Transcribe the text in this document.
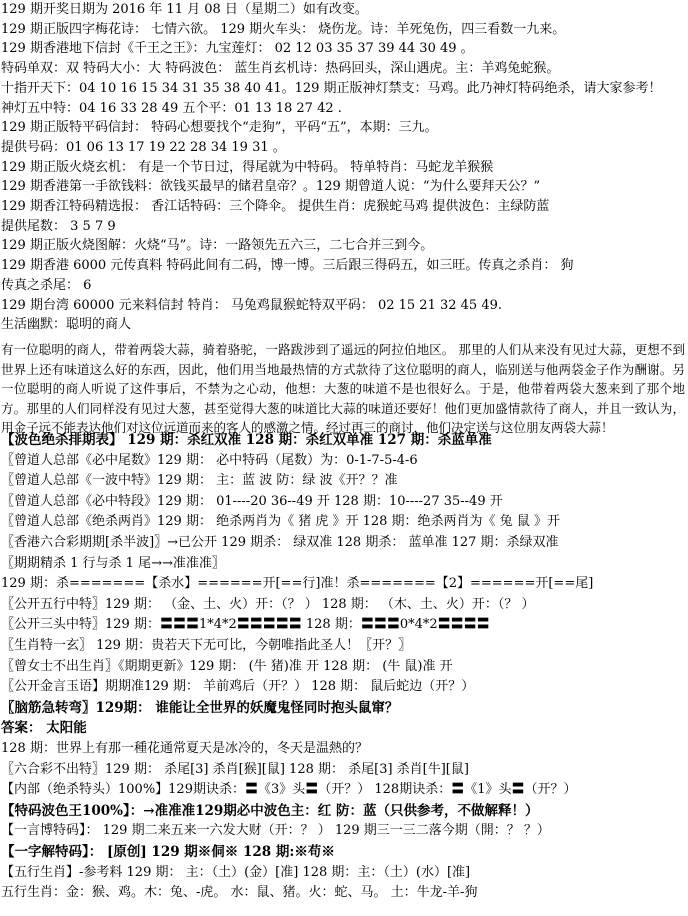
129 期开奖日期为 2016 年 11 月 08 日（星期二）如有改变。
129 期正版四字梅花诗： 七情六欲。 129 期火车头： 烧伤龙。诗：羊死兔伤，四三看数一九来。
129 期香港地下信封《千王之王》：九宝莲灯： 02 12 03 35 37 39 44 30 49 。
特码单双：双 特码大小：大 特码波色： 蓝生肖玄机诗：热码回头，深山遇虎。主：羊鸡兔蛇猴。
十指开天下：04 10 16 15 34 31 35 38 40 41。129 期正版神灯禁支：马鸡。此乃神灯特码绝杀，请大家参考！
神灯五中特：04 16 33 28 49 五个平：01 13 18 27 42 .
129 期正版特平码信封： 特码心想要找个“走狗”，平码“五”，本期：三九。
提供号码：01 06 13 17 19 22 28 34 19 31 。
129 期正版火烧玄机： 有是一个节日过，得尾就为中特码。 特单特肖：马蛇龙羊猴猴
129 期香港第一手欲钱料：欲钱买最早的储君皇帝？。129 期曾道人说：“为什么要拜天公？”
129 期香江特码精选报： 香江话特码：三个降伞。 提供生肖：虎猴蛇马鸡 提供波色：主绿防蓝
提供尾数： 3 5 7 9
129 期正版火烧图解：火烧“马”。诗：一路领先五六三，二七合并三到今。
129 期香港 6000 元传真料 特码此间有二码，博一博。三后跟三得码五，如三旺。传真之杀肖： 狗
传真之杀尾： 6
129 期台湾 60000 元来料信封 特肖： 马兔鸡鼠猴蛇特双平码： 02 15 21 32 45 49.
生活幽默：聪明的商人
有一位聪明的商人，带着两袋大蒜，骑着骆驼，一路跋涉到了遥远的阿拉伯地区。 那里的人们从来没有见过大蒜，更想不到世界上还有味道这么好的东西，因此，他们用当地最热情的方式款待了这位聪明的商人，临别送与他两袋金子作为酬谢。另一位聪明的商人听说了这件事后，不禁为之心动，他想：大葱的味道不是也很好么。于是，他带着两袋大葱来到了那个地方。那里的人们同样没有见过大葱，甚至觉得大葱的味道比大蒜的味道还要好！他们更加盛情款待了商人，并且一致认为，用金子远不能表达他们对这位远道而来的客人的感激之情。经过再三的商讨，他们决定送与这位朋友两袋大蒜！
【波色绝杀排期表】 129 期：杀红双准 128 期：杀红双单准 127 期：杀蓝单准
〖曾道人总部《必中尾数》129 期： 必中特码（尾数）为：0-1-7-5-4-6
〖曾道人总部《一波中特》129 期： 主：蓝 波 防：绿 波《开？？准
〖曾道人总部《必中特段》129 期： 01----20 36--49 开 128 期：10----27 35--49 开
〖曾道人总部《绝杀两肖》129 期： 绝杀两肖为《 猪 虎 》开 128 期：绝杀两肖为《 兔 鼠 》开
〖香港六合彩期期[杀半波]〗→已公开 129 期杀： 绿双准 128 期杀： 蓝单准 127 期：杀绿双准
〖期期精杀 1 行与杀 1 尾→→准准准〗
129 期：杀=======【杀水】======开[==行]准！杀=======【2】======开[==尾]
〖公开五行中特〗129 期： （金、土、火）开：（？ ） 128 期： （木、土、火）开：（？ ）
〖公开三头中特〗129 期：〓〓〓1*4*2〓〓〓〓〓 128 期：〓〓〓0*4*2〓〓〓〓
〖生肖特一玄〗 129 期：贵若天下无可比，今朝唯指此圣人！〖开？〗
〖曾女士不出生肖〗《期期更新》129 期： (牛 猪)准 开 128 期： (牛 鼠)准 开
〖公开金言玉语】期期准129 期： 羊前鸡后（开？） 128 期： 鼠后蛇边（开？）
〖脑筋急转弯〗129期： 谁能让全世界的妖魔鬼怪同时抱头鼠窜？
答案： 太阳能
128 期：世界上有那一種花通常夏天是冰冷的，冬天是温熱的？
〖六合彩不出特〗129 期： 杀尾[3] 杀肖[猴][鼠] 128 期： 杀尾[3] 杀肖[牛][鼠]
【内部（绝杀特头）100%】129期诀杀：〓《3》头〓（开？） 128期诀杀：〓《1》头〓（开？）
【特码波色王100%】：→准准准129期必中波色主：红 防：蓝（只供参考，不做解释！）
【一言博特码】： 129 期二来五来一六发大财（开：？ ） 129 期三一三二落今期（開：？ ？）
【一字解特码】： [原创] 129 期※侗※ 128 期:※苟※
【五行生肖】-参考料 129 期： 主：（土）(金）[准] 128 期：主：（土）(水）[准]
五行生肖：金：猴、鸡。木：兔、-虎。 水：鼠、猪。火：蛇、马。 土：牛龙-羊-狗
